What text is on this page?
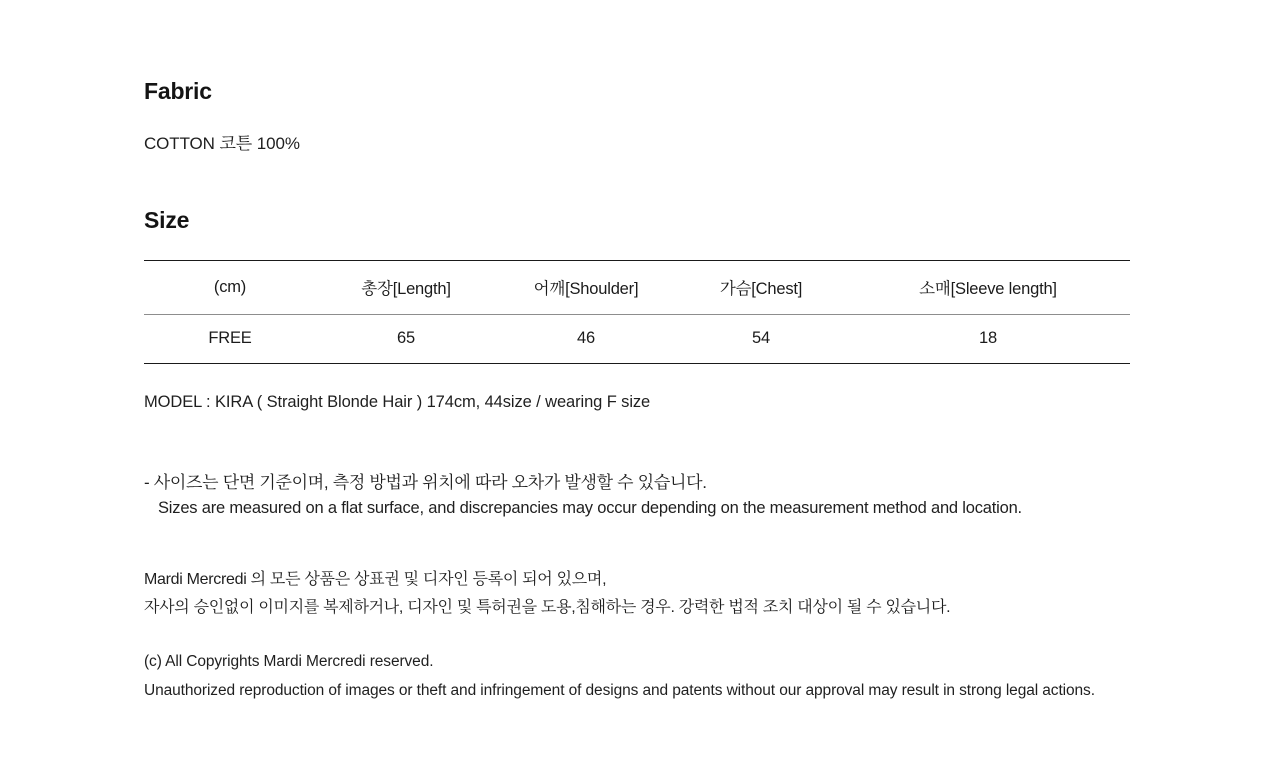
Fabric
COTTON 코튼 100%
Size
(cm)	총장[Length]	어깨[Shoulder]	가슴[Chest]	소매[Sleeve length]
FREE	65	46	54	18
MODEL : KIRA ( Straight Blonde Hair ) 174cm, 44size / wearing F size
- 사이즈는 단면 기준이며, 측정 방법과 위치에 따라 오차가 발생할 수 있습니다.
Sizes are measured on a flat surface, and discrepancies may occur depending on the measurement method and location.
Mardi Mercredi 의 모든 상품은 상표권 및 디자인 등록이 되어 있으며,
자사의 승인없이 이미지를 복제하거나, 디자인 및 특허권을 도용,침해하는 경우. 강력한 법적 조치 대상이 될 수 있습니다.
(c) All Copyrights Mardi Mercredi reserved.
Unauthorized reproduction of images or theft and infringement of designs and patents without our approval may result in strong legal actions.
